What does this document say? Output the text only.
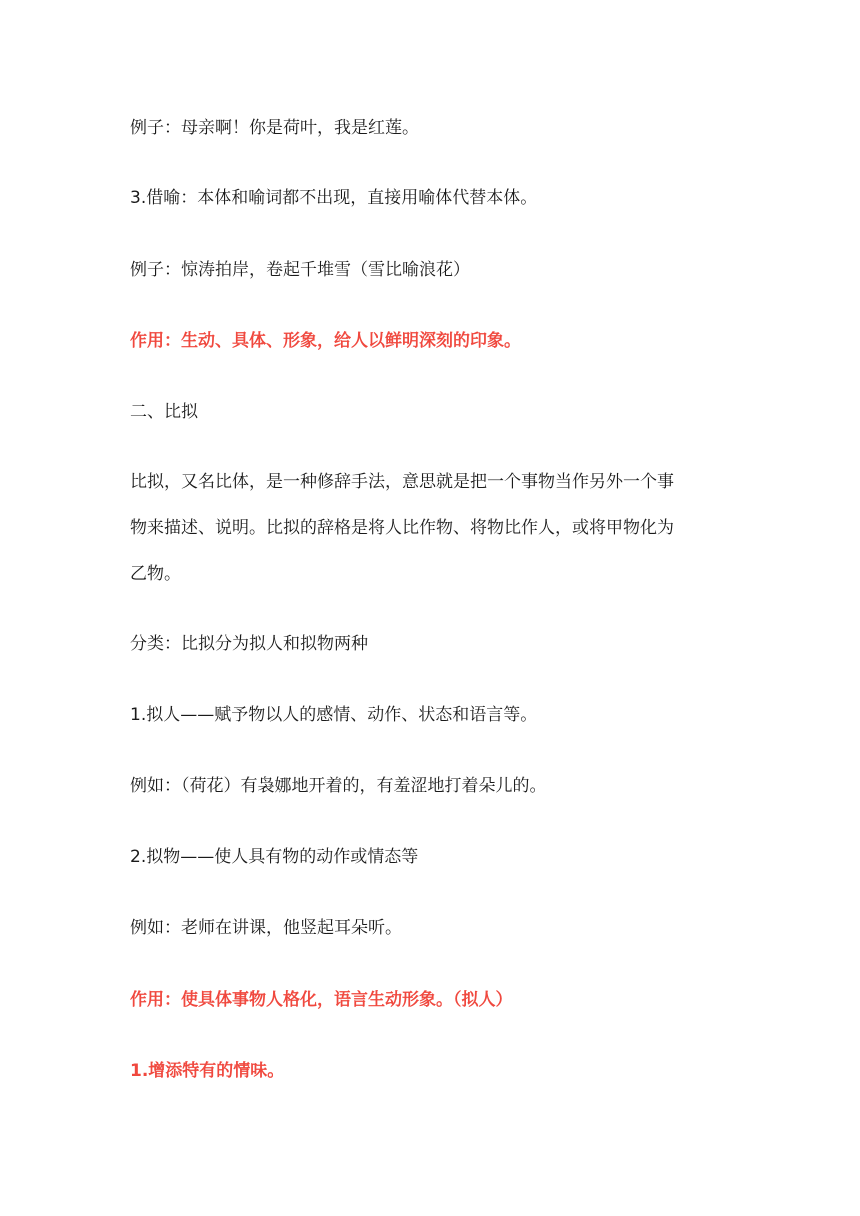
例子：母亲啊！你是荷叶，我是红莲。
3.借喻：本体和喻词都不出现，直接用喻体代替本体。
例子：惊涛拍岸，卷起千堆雪（雪比喻浪花）
作用：生动、具体、形象，给人以鲜明深刻的印象。
二、比拟
比拟，又名比体，是一种修辞手法，意思就是把一个事物当作另外一个事
物来描述、说明。比拟的辞格是将人比作物、将物比作人，或将甲物化为
乙物。
分类：比拟分为拟人和拟物两种
1.拟人——赋予物以人的感情、动作、状态和语言等。
例如：（荷花）有袅娜地开着的，有羞涩地打着朵儿的。
2.拟物——使人具有物的动作或情态等
例如：老师在讲课，他竖起耳朵听。
作用：使具体事物人格化，语言生动形象。（拟人）
1.增添特有的情味。
